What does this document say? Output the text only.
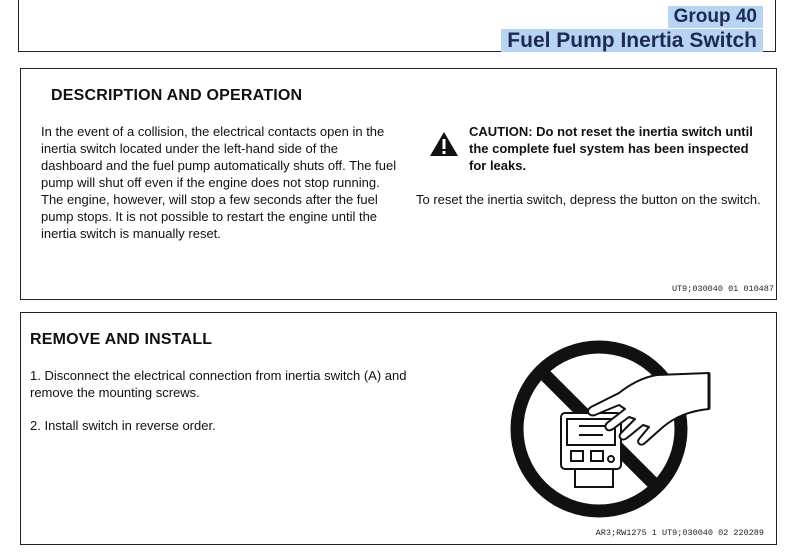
Group 40
Fuel Pump Inertia Switch
DESCRIPTION AND OPERATION
In the event of a collision, the electrical contacts open in the inertia switch located under the left-hand side of the dashboard and the fuel pump automatically shuts off. The fuel pump will shut off even if the engine does not stop running. The engine, however, will stop a few seconds after the fuel pump stops. It is not possible to restart the engine until the inertia switch is manually reset.
CAUTION: Do not reset the inertia switch until the complete fuel system has been inspected for leaks.
To reset the inertia switch, depress the button on the switch.
UT9;030040 01 010487
REMOVE AND INSTALL
1. Disconnect the electrical connection from inertia switch (A) and remove the mounting screws.
2. Install switch in reverse order.
AR3;RW1275 1 UT9;030040 02 220289
